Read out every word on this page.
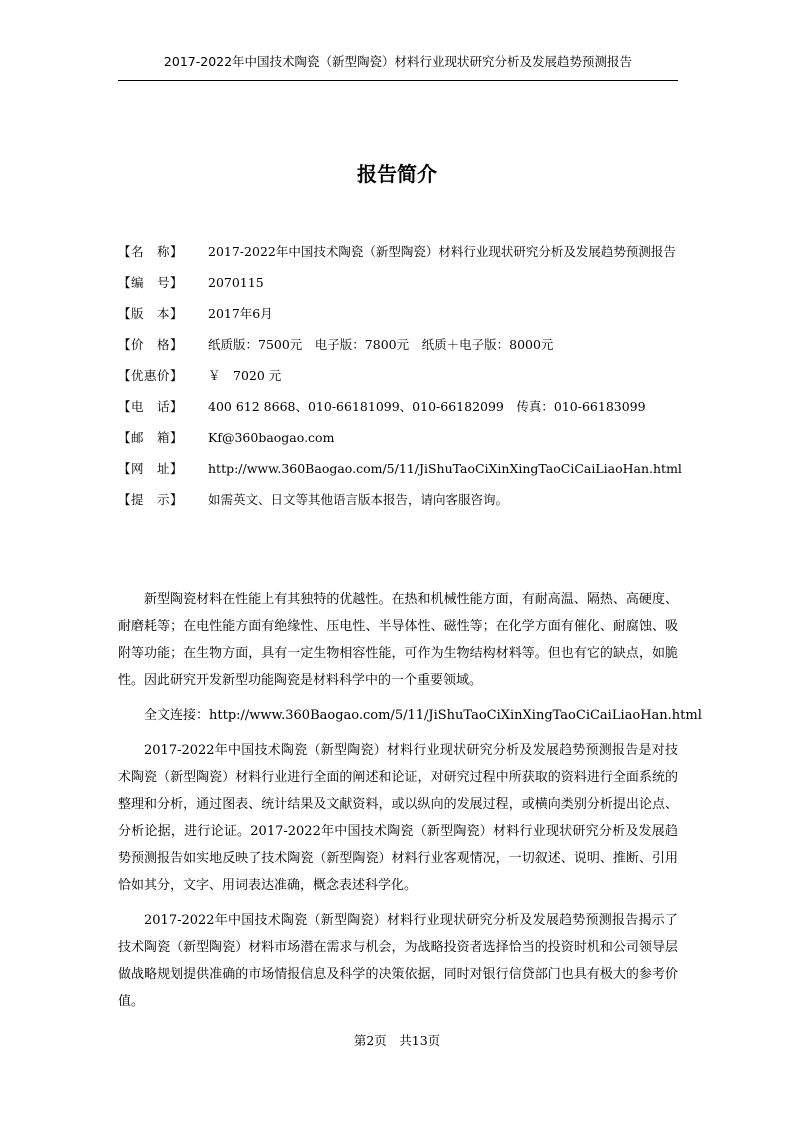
2017-2022年中国技术陶瓷（新型陶瓷）材料行业现状研究分析及发展趋势预测报告
报告简介
【名　称】	2017-2022年中国技术陶瓷（新型陶瓷）材料行业现状研究分析及发展趋势预测报告
【编　号】	2070115
【版　本】	2017年6月
【价　格】	纸质版：7500元　电子版：7800元　纸质＋电子版：8000元
【优惠价】	￥　7020 元
【电　话】	400 612 8668、010-66181099、010-66182099　传真：010-66183099
【邮　箱】	Kf@360baogao.com
【网　址】	http://www.360Baogao.com/5/11/JiShuTaoCiXinXingTaoCiCaiLiaoHan.html
【提　示】	如需英文、日文等其他语言版本报告，请向客服咨询。

新型陶瓷材料在性能上有其独特的优越性。在热和机械性能方面，有耐高温、隔热、高硬度、耐磨耗等；在电性能方面有绝缘性、压电性、半导体性、磁性等；在化学方面有催化、耐腐蚀、吸附等功能；在生物方面，具有一定生物相容性能，可作为生物结构材料等。但也有它的缺点，如脆性。因此研究开发新型功能陶瓷是材料科学中的一个重要领域。

全文连接：http://www.360Baogao.com/5/11/JiShuTaoCiXinXingTaoCiCaiLiaoHan.html

2017-2022年中国技术陶瓷（新型陶瓷）材料行业现状研究分析及发展趋势预测报告是对技术陶瓷（新型陶瓷）材料行业进行全面的阐述和论证，对研究过程中所获取的资料进行全面系统的整理和分析，通过图表、统计结果及文献资料，或以纵向的发展过程，或横向类别分析提出论点、分析论据，进行论证。2017-2022年中国技术陶瓷（新型陶瓷）材料行业现状研究分析及发展趋势预测报告如实地反映了技术陶瓷（新型陶瓷）材料行业客观情况，一切叙述、说明、推断、引用恰如其分，文字、用词表达准确，概念表述科学化。

2017-2022年中国技术陶瓷（新型陶瓷）材料行业现状研究分析及发展趋势预测报告揭示了技术陶瓷（新型陶瓷）材料市场潜在需求与机会，为战略投资者选择恰当的投资时机和公司领导层做战略规划提供准确的市场情报信息及科学的决策依据，同时对银行信贷部门也具有极大的参考价值。

第2页　共13页
